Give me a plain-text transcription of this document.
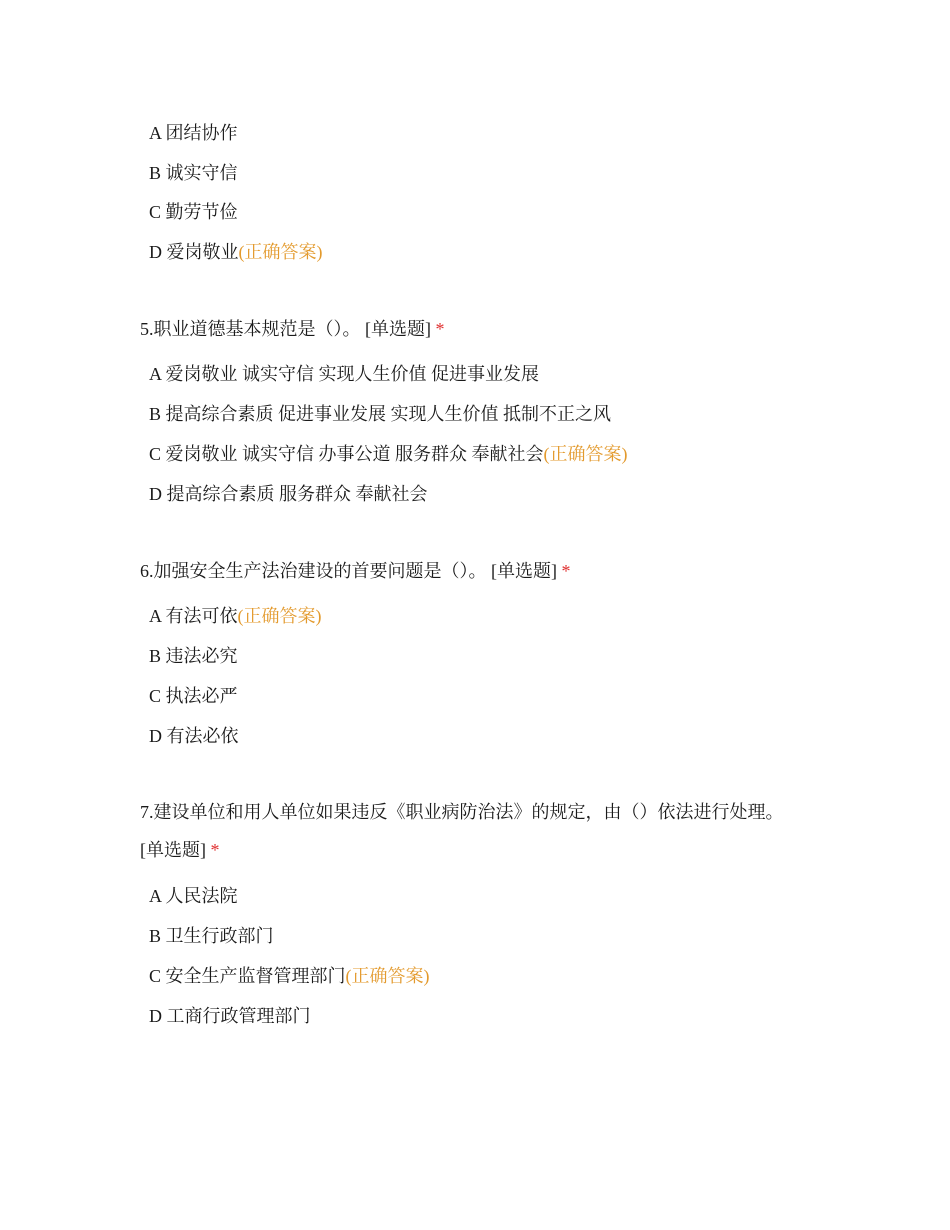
A 团结协作
B 诚实守信
C 勤劳节俭
D 爱岗敬业(正确答案)
5.职业道德基本规范是（）。 [单选题] *
A 爱岗敬业 诚实守信 实现人生价值 促进事业发展
B 提高综合素质 促进事业发展 实现人生价值 抵制不正之风
C 爱岗敬业 诚实守信 办事公道 服务群众 奉献社会(正确答案)
D 提高综合素质 服务群众 奉献社会
6.加强安全生产法治建设的首要问题是（）。 [单选题] *
A 有法可依(正确答案)
B 违法必究
C 执法必严
D 有法必依
7.建设单位和用人单位如果违反《职业病防治法》的规定，由（）依法进行处理。
[单选题] *
A 人民法院
B 卫生行政部门
C 安全生产监督管理部门(正确答案)
D 工商行政管理部门
